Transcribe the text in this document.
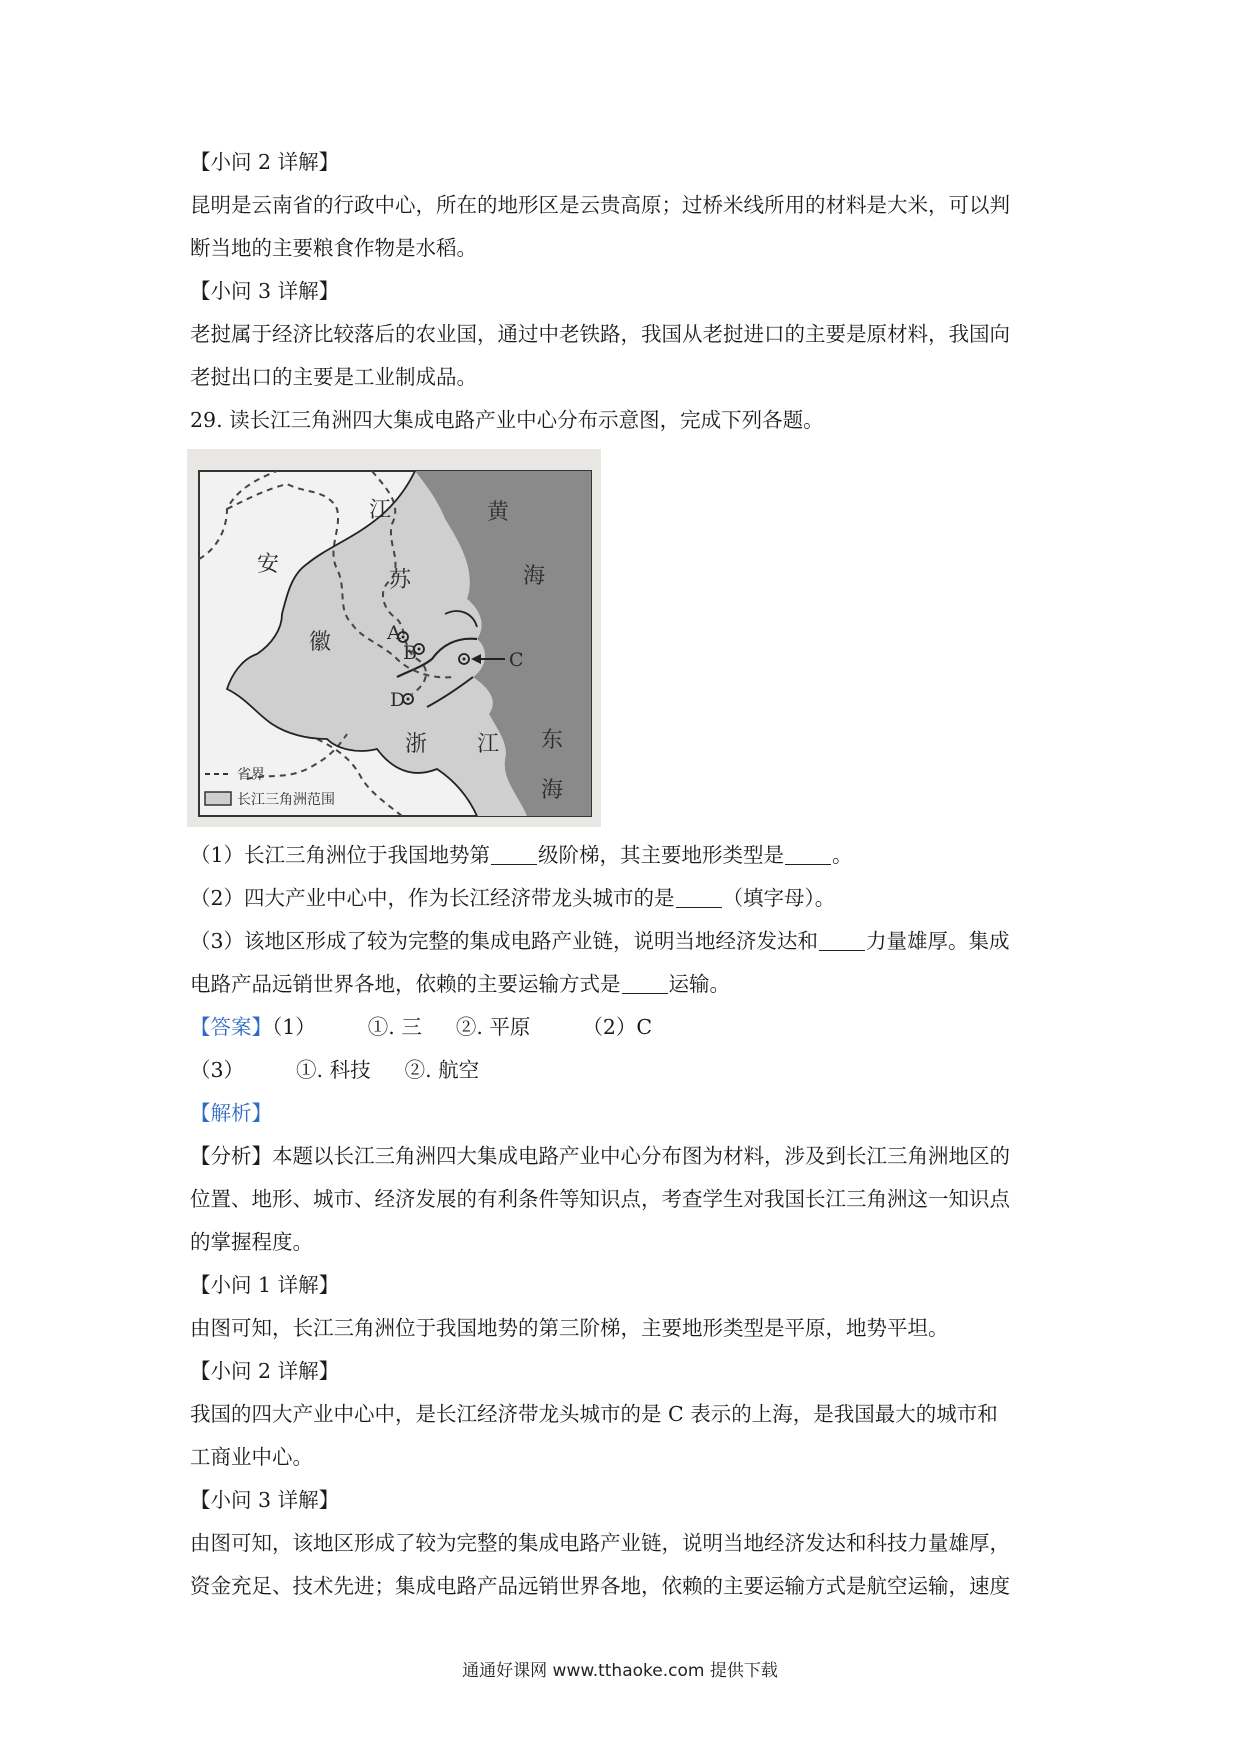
【小问 2 详解】
昆明是云南省的行政中心，所在的地形区是云贵高原；过桥米线所用的材料是大米，可以判
断当地的主要粮食作物是水稻。
【小问 3 详解】
老挝属于经济比较落后的农业国，通过中老铁路，我国从老挝进口的主要是原材料，我国向
老挝出口的主要是工业制成品。
29. 读长江三角洲四大集成电路产业中心分布示意图，完成下列各题。
江
安
苏
徽
浙 江
黄
海
东
海
A
B	C
D
省界
长江三角洲范围
（1）长江三角洲位于我国地势第 级阶梯，其主要地形类型是 。
（2）四大产业中心中，作为长江经济带龙头城市的是 （填字母）。
（3）该地区形成了较为完整的集成电路产业链，说明当地经济发达和 力量雄厚。集成
电路产品远销世界各地，依赖的主要运输方式是 运输。
【答案】（1）	①. 三 ②. 平原	（2）C
（3）	①. 科技 ②. 航空
【解析】
【分析】本题以长江三角洲四大集成电路产业中心分布图为材料，涉及到长江三角洲地区的
位置、地形、城市、经济发展的有利条件等知识点，考查学生对我国长江三角洲这一知识点
的掌握程度。
【小问 1 详解】
由图可知，长江三角洲位于我国地势的第三阶梯，主要地形类型是平原，地势平坦。
【小问 2 详解】
我国的四大产业中心中，是长江经济带龙头城市的是 C 表示的上海，是我国最大的城市和
工商业中心。
【小问 3 详解】
由图可知，该地区形成了较为完整的集成电路产业链，说明当地经济发达和科技力量雄厚，
资金充足、技术先进；集成电路产品远销世界各地，依赖的主要运输方式是航空运输，速度
通通好课网 www.tthaoke.com 提供下载
